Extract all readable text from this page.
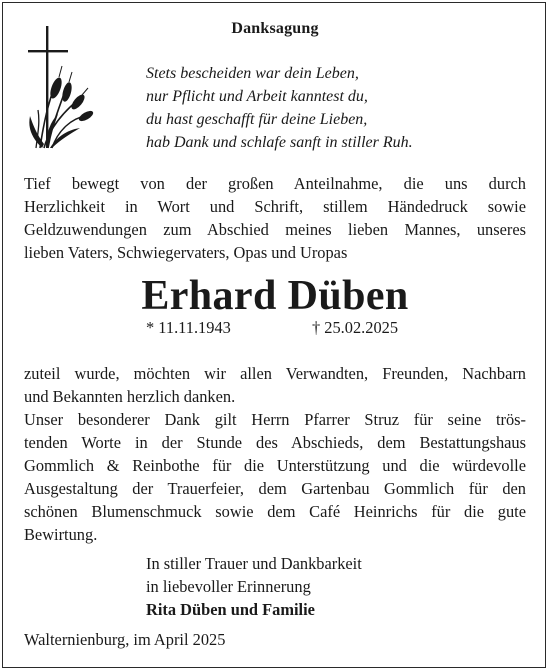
Danksagung
Stets bescheiden war dein Leben,
nur Pflicht und Arbeit kanntest du,
du hast geschafft für deine Lieben,
hab Dank und schlafe sanft in stiller Ruh.
Tief bewegt von der großen Anteilnahme, die uns durch
Herzlichkeit in Wort und Schrift, stillem Händedruck sowie
Geldzuwendungen zum Abschied meines lieben Mannes, unseres
lieben Vaters, Schwiegervaters, Opas und Uropas
Erhard Düben
* 11.11.1943	† 25.02.2025
zuteil wurde, möchten wir allen Verwandten, Freunden, Nachbarn
und Bekannten herzlich danken.
Unser besonderer Dank gilt Herrn Pfarrer Struz für seine trös-
tenden Worte in der Stunde des Abschieds, dem Bestattungshaus
Gommlich & Reinbothe für die Unterstützung und die würdevolle
Ausgestaltung der Trauerfeier, dem Gartenbau Gommlich für den
schönen Blumenschmuck sowie dem Café Heinrichs für die gute
Bewirtung.
In stiller Trauer und Dankbarkeit
in liebevoller Erinnerung
Rita Düben und Familie
Walternienburg, im April 2025
